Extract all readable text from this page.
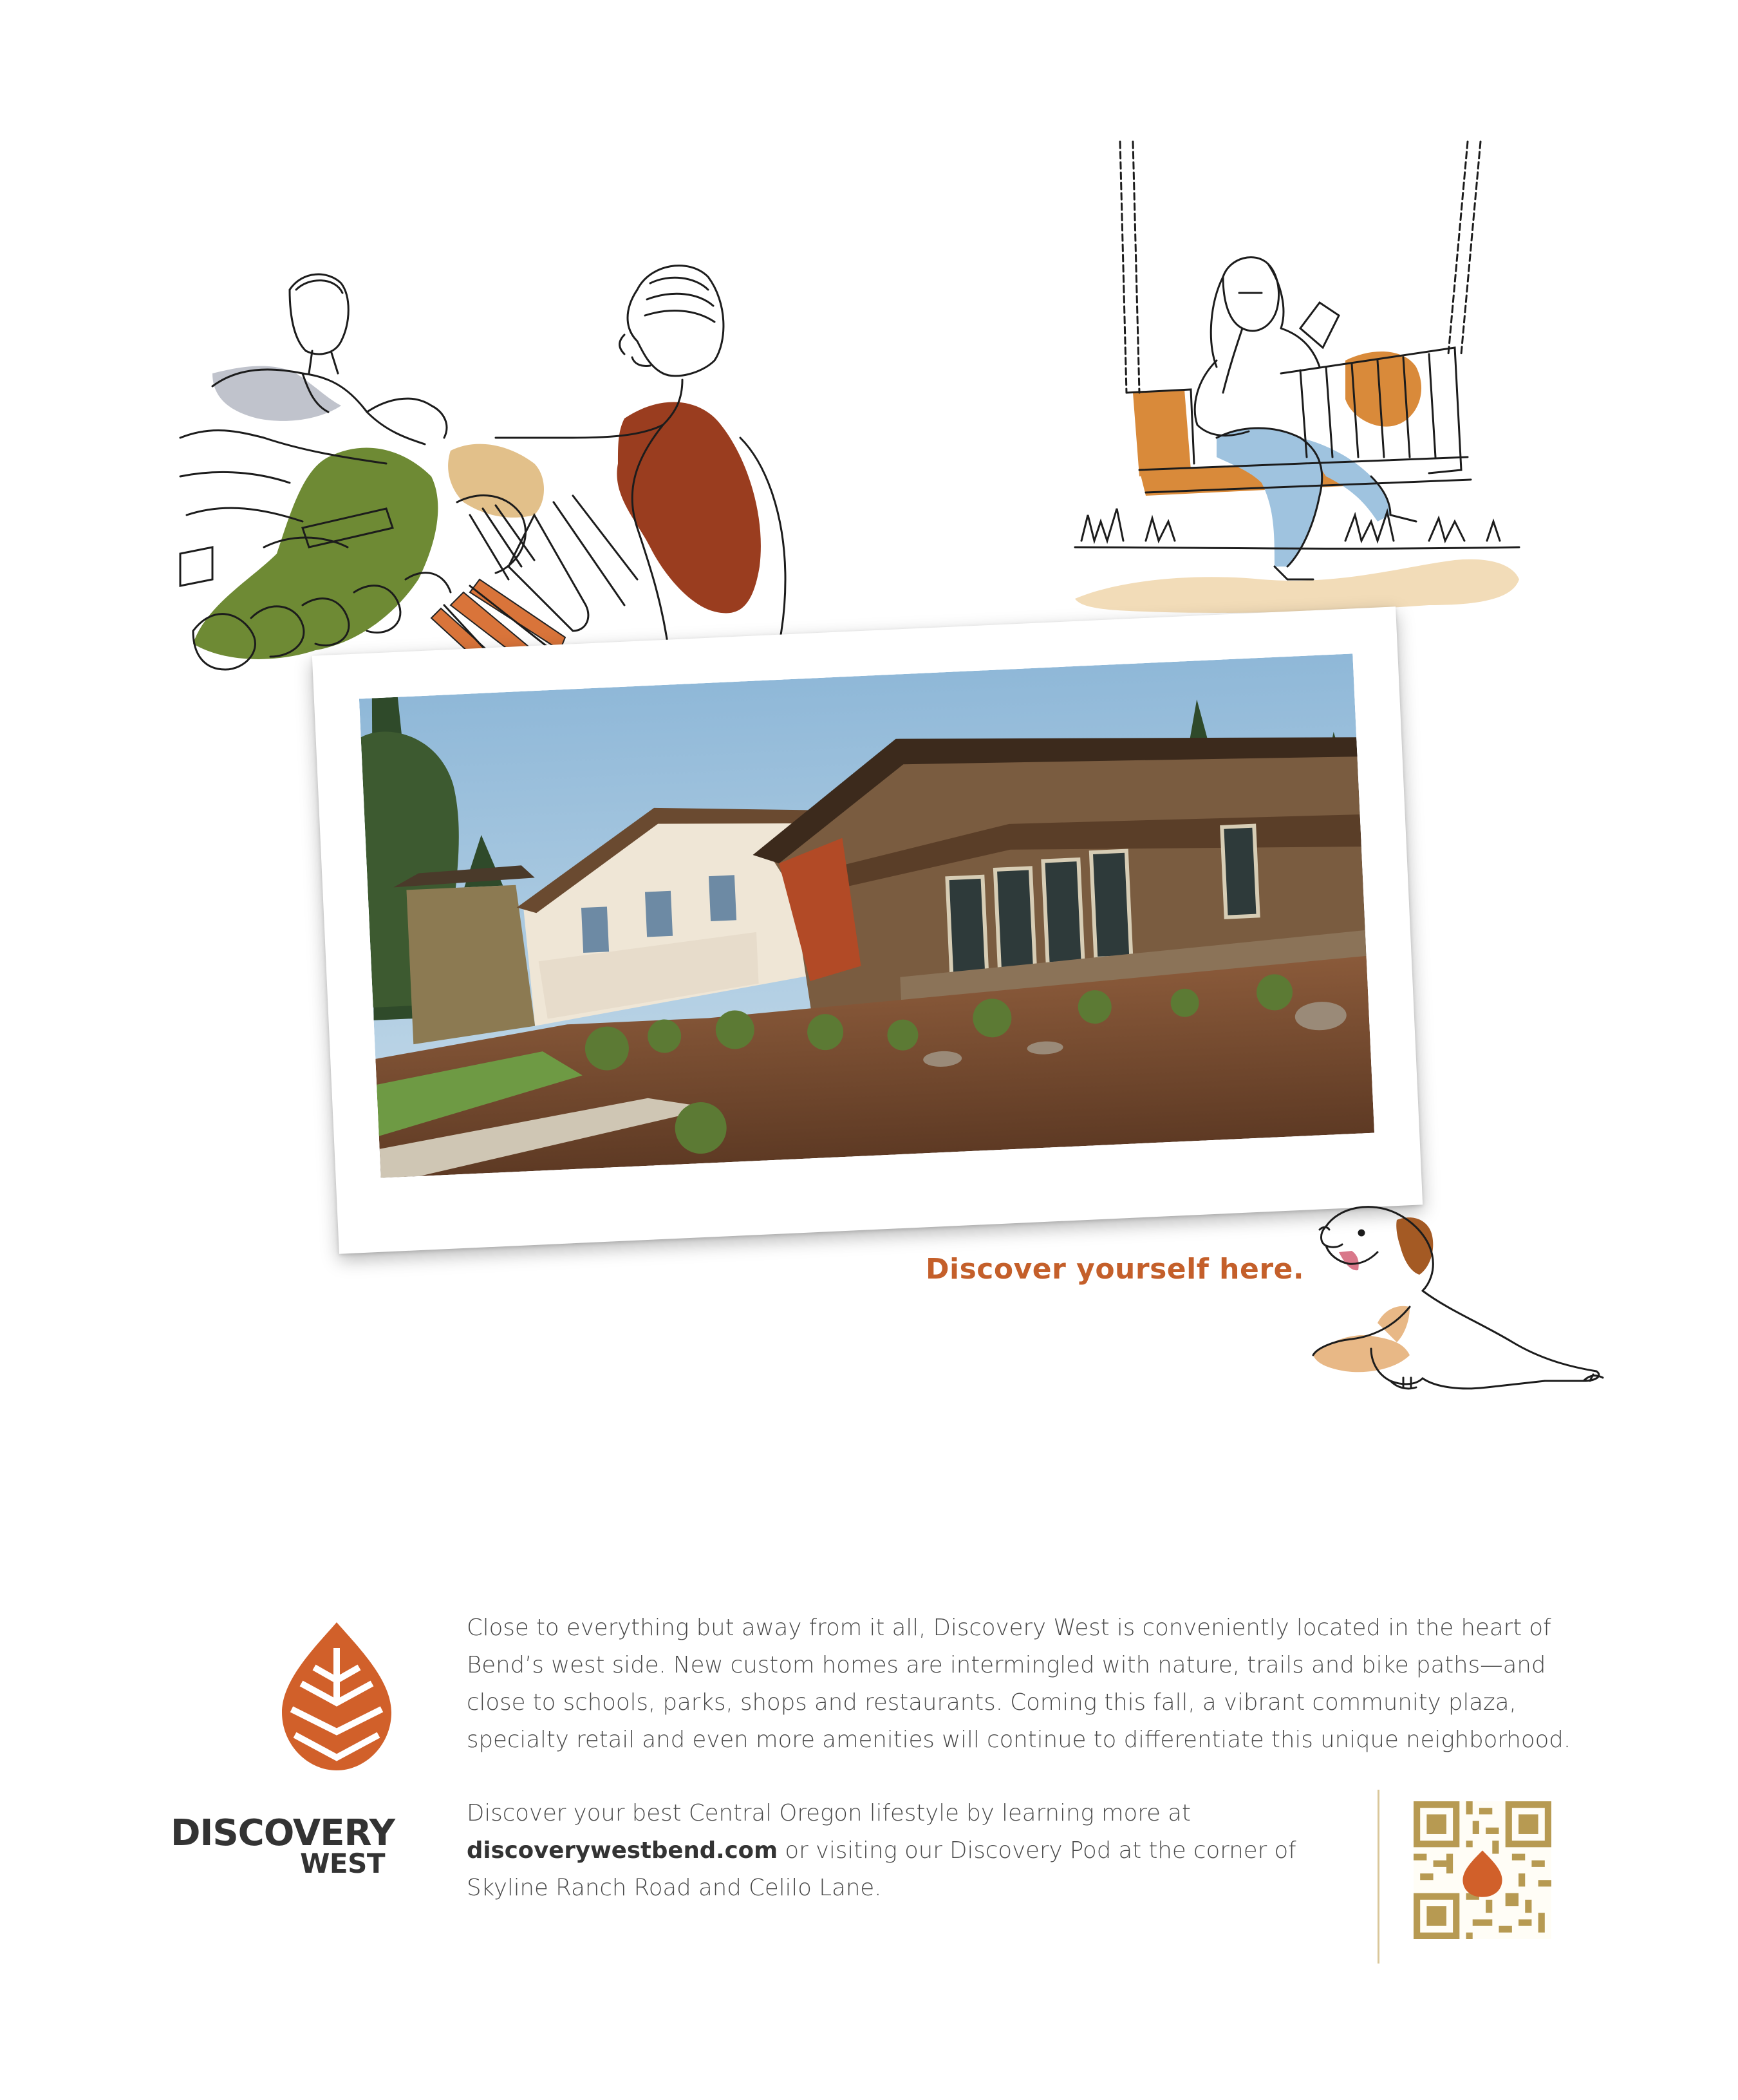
Discover yourself here.

Close to everything but away from it all, Discovery West is conveniently located in the heart of Bend’s west side. New custom homes are intermingled with nature, trails and bike paths—and close to schools, parks, shops and restaurants. Coming this fall, a vibrant community plaza, specialty retail and even more amenities will continue to differentiate this unique neighborhood.

Discover your best Central Oregon lifestyle by learning more at discoverywestbend.com or visiting our Discovery Pod at the corner of Skyline Ranch Road and Celilo Lane.

DISCOVERY
WEST
